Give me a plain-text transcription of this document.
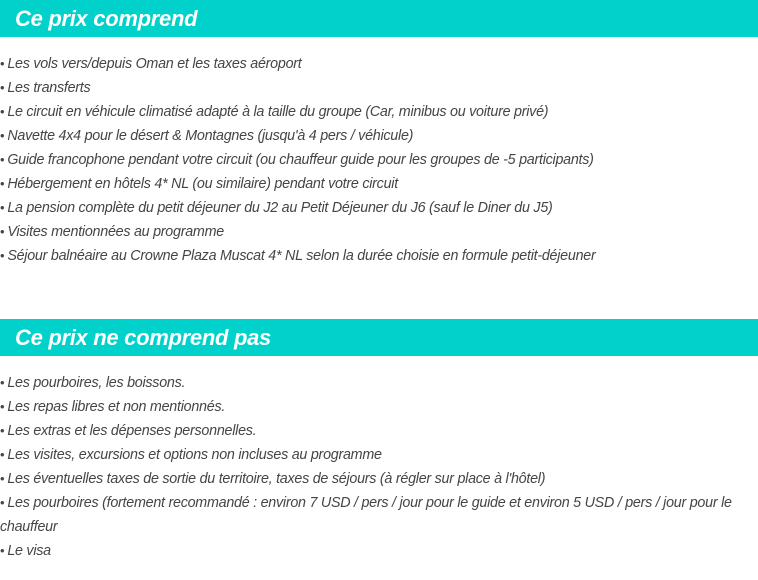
Ce prix comprend
• Les vols vers/depuis Oman et les taxes aéroport
• Les transferts
• Le circuit en véhicule climatisé adapté à la taille du groupe (Car, minibus ou voiture privé)
• Navette 4x4 pour le désert & Montagnes (jusqu'à 4 pers / véhicule)
• Guide francophone pendant votre circuit (ou chauffeur guide pour les groupes de -5 participants)
• Hébergement en hôtels 4* NL (ou similaire) pendant votre circuit
• La pension complète du petit déjeuner du J2 au Petit Déjeuner du J6 (sauf le Diner du J5)
• Visites mentionnées au programme
• Séjour balnéaire au Crowne Plaza Muscat 4* NL selon la durée choisie en formule petit-déjeuner
Ce prix ne comprend pas
• Les pourboires, les boissons.
• Les repas libres et non mentionnés.
• Les extras et les dépenses personnelles.
• Les visites, excursions et options non incluses au programme
• Les éventuelles taxes de sortie du territoire, taxes de séjours (à régler sur place à l'hôtel)
• Les pourboires (fortement recommandé : environ 7 USD / pers / jour pour le guide et environ 5 USD / pers / jour pour le chauffeur
• Le visa
